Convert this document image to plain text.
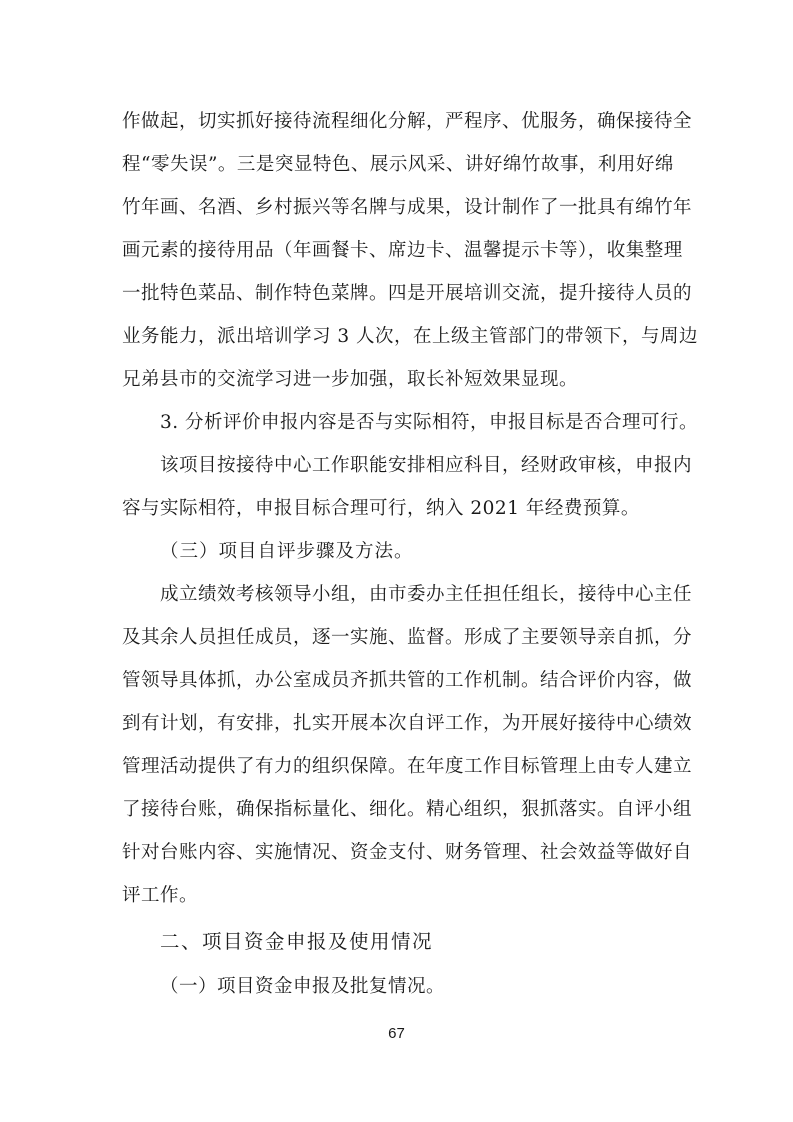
作做起，切实抓好接待流程细化分解，严程序、优服务，确保接待全
程“零失误”。三是突显特色、展示风采、讲好绵竹故事，利用好绵
竹年画、名酒、乡村振兴等名牌与成果，设计制作了一批具有绵竹年
画元素的接待用品（年画餐卡、席边卡、温馨提示卡等），收集整理
一批特色菜品、制作特色菜牌。四是开展培训交流，提升接待人员的
业务能力，派出培训学习 3 人次，在上级主管部门的带领下，与周边
兄弟县市的交流学习进一步加强，取长补短效果显现。
3. 分析评价申报内容是否与实际相符，申报目标是否合理可行。
该项目按接待中心工作职能安排相应科目，经财政审核，申报内
容与实际相符，申报目标合理可行，纳入 2021 年经费预算。
（三）项目自评步骤及方法。
成立绩效考核领导小组，由市委办主任担任组长，接待中心主任
及其余人员担任成员，逐一实施、监督。形成了主要领导亲自抓，分
管领导具体抓，办公室成员齐抓共管的工作机制。结合评价内容，做
到有计划，有安排，扎实开展本次自评工作，为开展好接待中心绩效
管理活动提供了有力的组织保障。在年度工作目标管理上由专人建立
了接待台账，确保指标量化、细化。精心组织，狠抓落实。自评小组
针对台账内容、实施情况、资金支付、财务管理、社会效益等做好自
评工作。
二、项目资金申报及使用情况
（一）项目资金申报及批复情况。
67
